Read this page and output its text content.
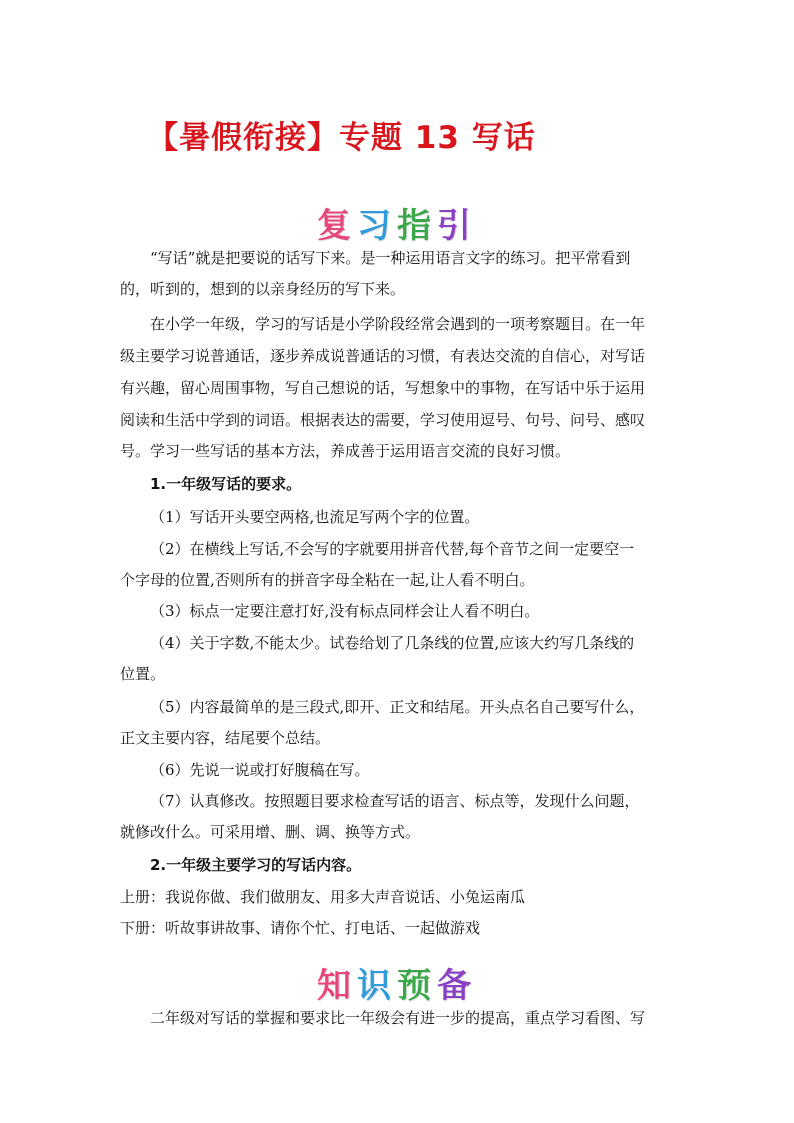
【暑假衔接】专题 13 写话
复习指引

“写话”就是把要说的话写下来。是一种运用语言文字的练习。把平常看到

的，听到的，想到的以亲身经历的写下来。

在小学一年级，学习的写话是小学阶段经常会遇到的一项考察题目。在一年

级主要学习说普通话，逐步养成说普通话的习惯，有表达交流的自信心，对写话

有兴趣，留心周围事物，写自己想说的话，写想象中的事物，在写话中乐于运用

阅读和生活中学到的词语。根据表达的需要，学习使用逗号、句号、问号、感叹

号。学习一些写话的基本方法，养成善于运用语言交流的良好习惯。

1.一年级写话的要求。

（1）写话开头要空两格,也流足写两个字的位置。

（2）在横线上写话,不会写的字就要用拼音代替,每个音节之间一定要空一

个字母的位置,否则所有的拼音字母全粘在一起,让人看不明白。

（3）标点一定要注意打好,没有标点同样会让人看不明白。

（4）关于字数,不能太少。试卷给划了几条线的位置,应该大约写几条线的

位置。

（5）内容最简单的是三段式,即开、正文和结尾。开头点名自己要写什么，

正文主要内容，结尾要个总结。

（6）先说一说或打好腹稿在写。

（7）认真修改。按照题目要求检查写话的语言、标点等，发现什么问题，

就修改什么。可采用增、删、调、换等方式。

2.一年级主要学习的写话内容。

上册：我说你做、我们做朋友、用多大声音说话、小兔运南瓜

下册：听故事讲故事、请你个忙、打电话、一起做游戏

知识预备

二年级对写话的掌握和要求比一年级会有进一步的提高，重点学习看图、写
